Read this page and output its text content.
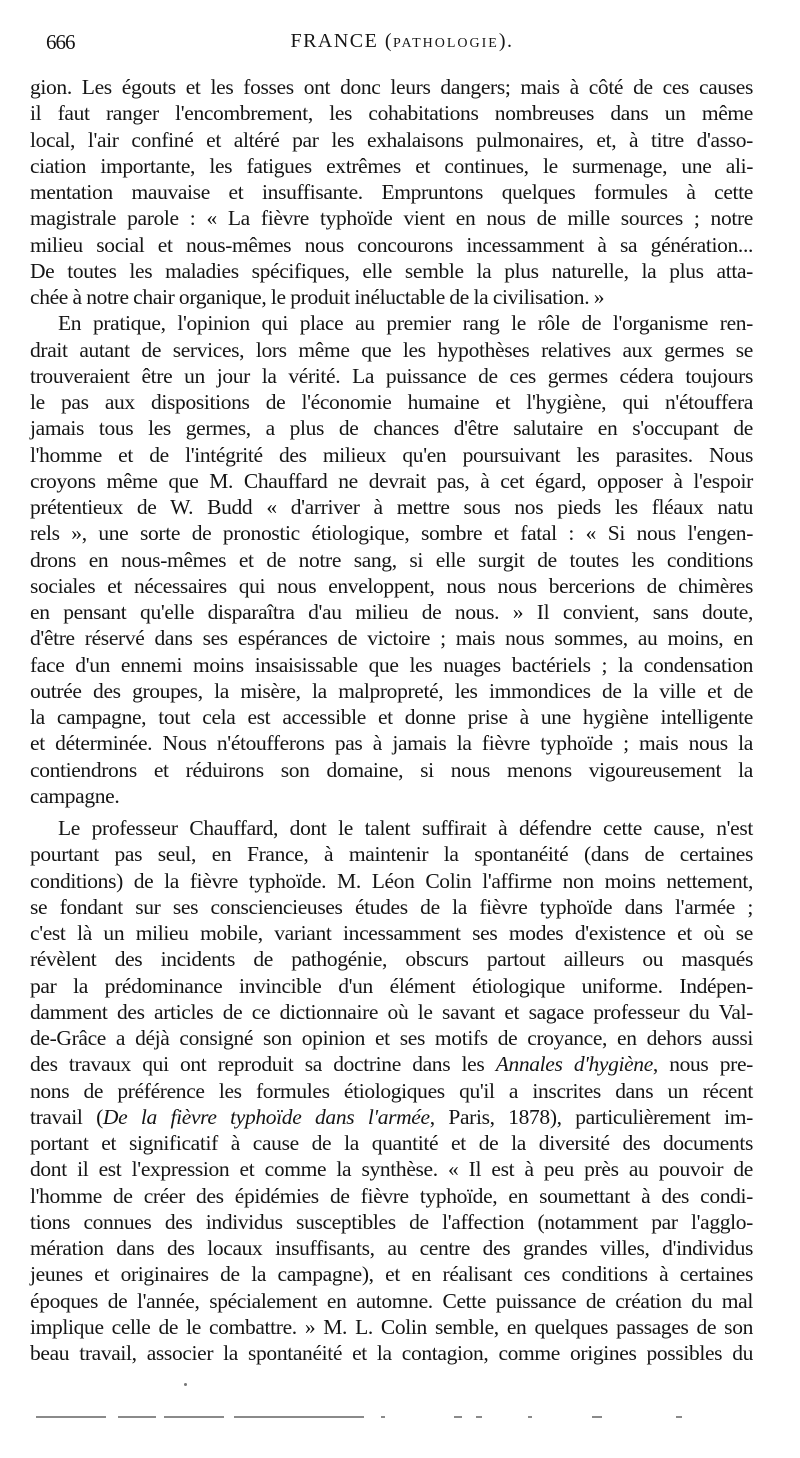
666	FRANCE (PATHOLOGIE).
gion. Les égouts et les fosses ont donc leurs dangers; mais à côté de ces causes
il faut ranger l'encombrement, les cohabitations nombreuses dans un même
local, l'air confiné et altéré par les exhalaisons pulmonaires, et, à titre d'asso-
ciation importante, les fatigues extrêmes et continues, le surmenage, une ali-
mentation mauvaise et insuffisante. Empruntons quelques formules à cette
magistrale parole : « La fièvre typhoïde vient en nous de mille sources ; notre
milieu social et nous-mêmes nous concourons incessamment à sa génération...
De toutes les maladies spécifiques, elle semble la plus naturelle, la plus atta-
chée à notre chair organique, le produit inéluctable de la civilisation. »
En pratique, l'opinion qui place au premier rang le rôle de l'organisme ren-
drait autant de services, lors même que les hypothèses relatives aux germes se
trouveraient être un jour la vérité. La puissance de ces germes cédera toujours
le pas aux dispositions de l'économie humaine et l'hygiène, qui n'étouffera
jamais tous les germes, a plus de chances d'être salutaire en s'occupant de
l'homme et de l'intégrité des milieux qu'en poursuivant les parasites. Nous
croyons même que M. Chauffard ne devrait pas, à cet égard, opposer à l'espoir
prétentieux de W. Budd « d'arriver à mettre sous nos pieds les fléaux natu
rels », une sorte de pronostic étiologique, sombre et fatal : « Si nous l'engen-
drons en nous-mêmes et de notre sang, si elle surgit de toutes les conditions
sociales et nécessaires qui nous enveloppent, nous nous bercerions de chimères
en pensant qu'elle disparaîtra d'au milieu de nous. » Il convient, sans doute,
d'être réservé dans ses espérances de victoire ; mais nous sommes, au moins, en
face d'un ennemi moins insaisissable que les nuages bactériels ; la condensation
outrée des groupes, la misère, la malpropreté, les immondices de la ville et de
la campagne, tout cela est accessible et donne prise à une hygiène intelligente
et déterminée. Nous n'étoufferons pas à jamais la fièvre typhoïde ; mais nous la
contiendrons et réduirons son domaine, si nous menons vigoureusement la
campagne.
Le professeur Chauffard, dont le talent suffirait à défendre cette cause, n'est
pourtant pas seul, en France, à maintenir la spontanéité (dans de certaines
conditions) de la fièvre typhoïde. M. Léon Colin l'affirme non moins nettement,
se fondant sur ses consciencieuses études de la fièvre typhoïde dans l'armée ;
c'est là un milieu mobile, variant incessamment ses modes d'existence et où se
révèlent des incidents de pathogénie, obscurs partout ailleurs ou masqués
par la prédominance invincible d'un élément étiologique uniforme. Indépen-
damment des articles de ce dictionnaire où le savant et sagace professeur du Val-
de-Grâce a déjà consigné son opinion et ses motifs de croyance, en dehors aussi
des travaux qui ont reproduit sa doctrine dans les Annales d'hygiène, nous pre-
nons de préférence les formules étiologiques qu'il a inscrites dans un récent
travail (De la fièvre typhoïde dans l'armée, Paris, 1878), particulièrement im-
portant et significatif à cause de la quantité et de la diversité des documents
dont il est l'expression et comme la synthèse. « Il est à peu près au pouvoir de
l'homme de créer des épidémies de fièvre typhoïde, en soumettant à des condi-
tions connues des individus susceptibles de l'affection (notamment par l'agglo-
mération dans des locaux insuffisants, au centre des grandes villes, d'individus
jeunes et originaires de la campagne), et en réalisant ces conditions à certaines
époques de l'année, spécialement en automne. Cette puissance de création du mal
implique celle de le combattre. » M. L. Colin semble, en quelques passages de son
beau travail, associer la spontanéité et la contagion, comme origines possibles du
